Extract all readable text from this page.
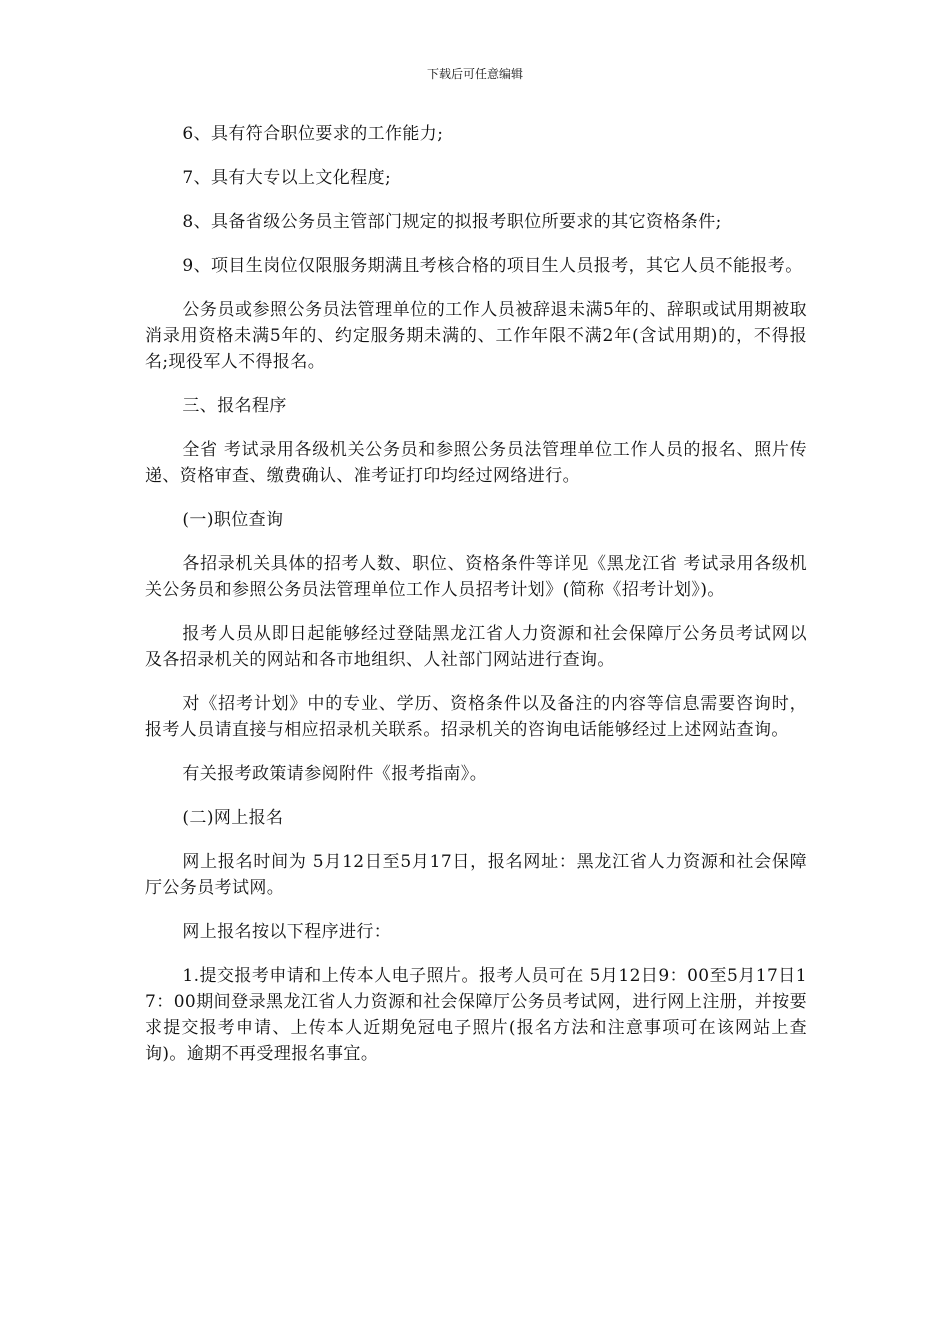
下载后可任意编辑

6、具有符合职位要求的工作能力;

7、具有大专以上文化程度;

8、具备省级公务员主管部门规定的拟报考职位所要求的其它资格条件;

9、项目生岗位仅限服务期满且考核合格的项目生人员报考，其它人员不能报考。

公务员或参照公务员法管理单位的工作人员被辞退未满5年的、辞职或试用期被取消录用资格未满5年的、约定服务期未满的、工作年限不满2年(含试用期)的，不得报名;现役军人不得报名。

三、报名程序

全省 考试录用各级机关公务员和参照公务员法管理单位工作人员的报名、照片传递、资格审查、缴费确认、准考证打印均经过网络进行。

(一)职位查询

各招录机关具体的招考人数、职位、资格条件等详见《黑龙江省 考试录用各级机关公务员和参照公务员法管理单位工作人员招考计划》(简称《招考计划》)。

报考人员从即日起能够经过登陆黑龙江省人力资源和社会保障厅公务员考试网以及各招录机关的网站和各市地组织、人社部门网站进行查询。

对《招考计划》中的专业、学历、资格条件以及备注的内容等信息需要咨询时，报考人员请直接与相应招录机关联系。招录机关的咨询电话能够经过上述网站查询。

有关报考政策请参阅附件《报考指南》。

(二)网上报名

网上报名时间为 5月12日至5月17日，报名网址：黑龙江省人力资源和社会保障厅公务员考试网。

网上报名按以下程序进行：

1.提交报考申请和上传本人电子照片。报考人员可在 5月12日9：00至5月17日17：00期间登录黑龙江省人力资源和社会保障厅公务员考试网，进行网上注册，并按要求提交报考申请、上传本人近期免冠电子照片(报名方法和注意事项可在该网站上查询)。逾期不再受理报名事宜。
